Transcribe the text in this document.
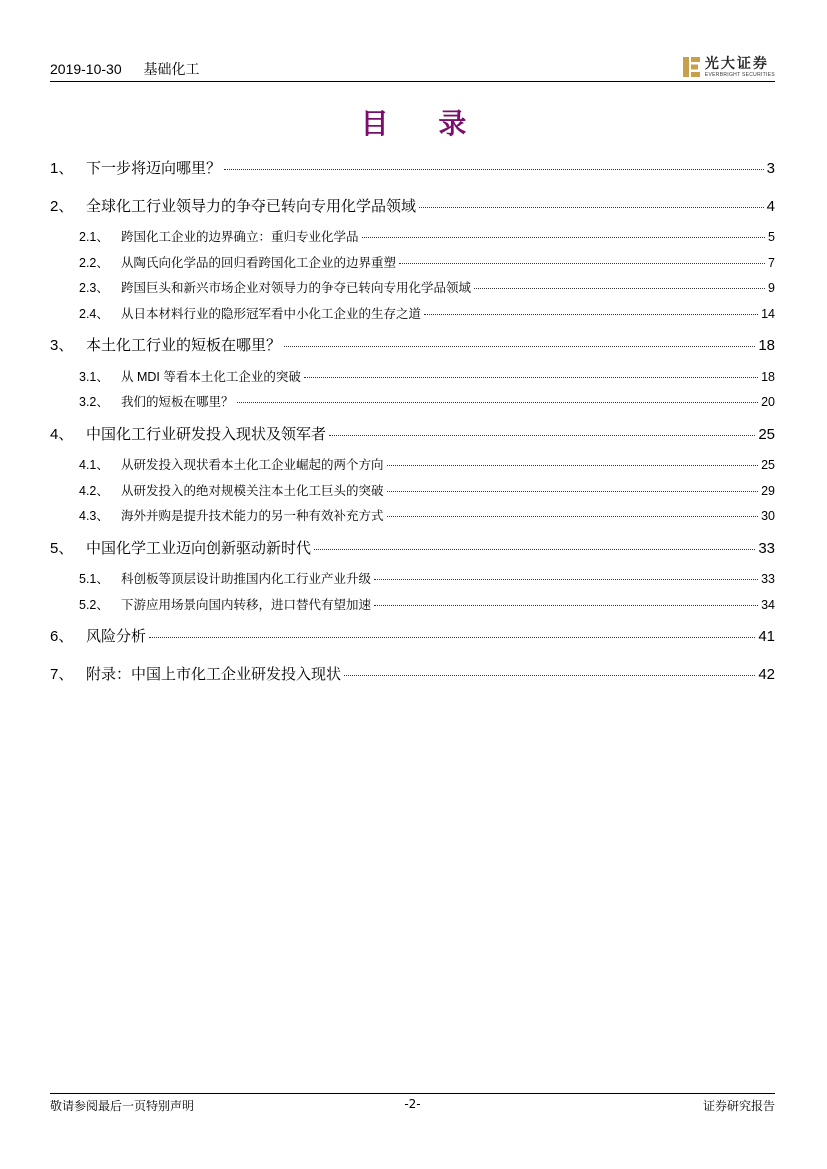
2019-10-30 基础化工	光大证券
EVERBRIGHT SECURITIES
目 录
1、 下一步将迈向哪里？	3
2、 全球化工行业领导力的争夺已转向专用化学品领域	4
2.1、 跨国化工企业的边界确立：重归专业化学品	5
2.2、 从陶氏向化学品的回归看跨国化工企业的边界重塑	7
2.3、 跨国巨头和新兴市场企业对领导力的争夺已转向专用化学品领域	9
2.4、 从日本材料行业的隐形冠军看中小化工企业的生存之道	14
3、 本土化工行业的短板在哪里？	18
3.1、 从 MDI 等看本土化工企业的突破	18
3.2、 我们的短板在哪里？	20
4、 中国化工行业研发投入现状及领军者	25
4.1、 从研发投入现状看本土化工企业崛起的两个方向	25
4.2、 从研发投入的绝对规模关注本土化工巨头的突破	29
4.3、 海外并购是提升技术能力的另一种有效补充方式	30
5、 中国化学工业迈向创新驱动新时代	33
5.1、 科创板等顶层设计助推国内化工行业产业升级	33
5.2、 下游应用场景向国内转移，进口替代有望加速	34
6、 风险分析	41
7、 附录：中国上市化工企业研发投入现状	42
敬请参阅最后一页特别声明	-2-	证券研究报告
